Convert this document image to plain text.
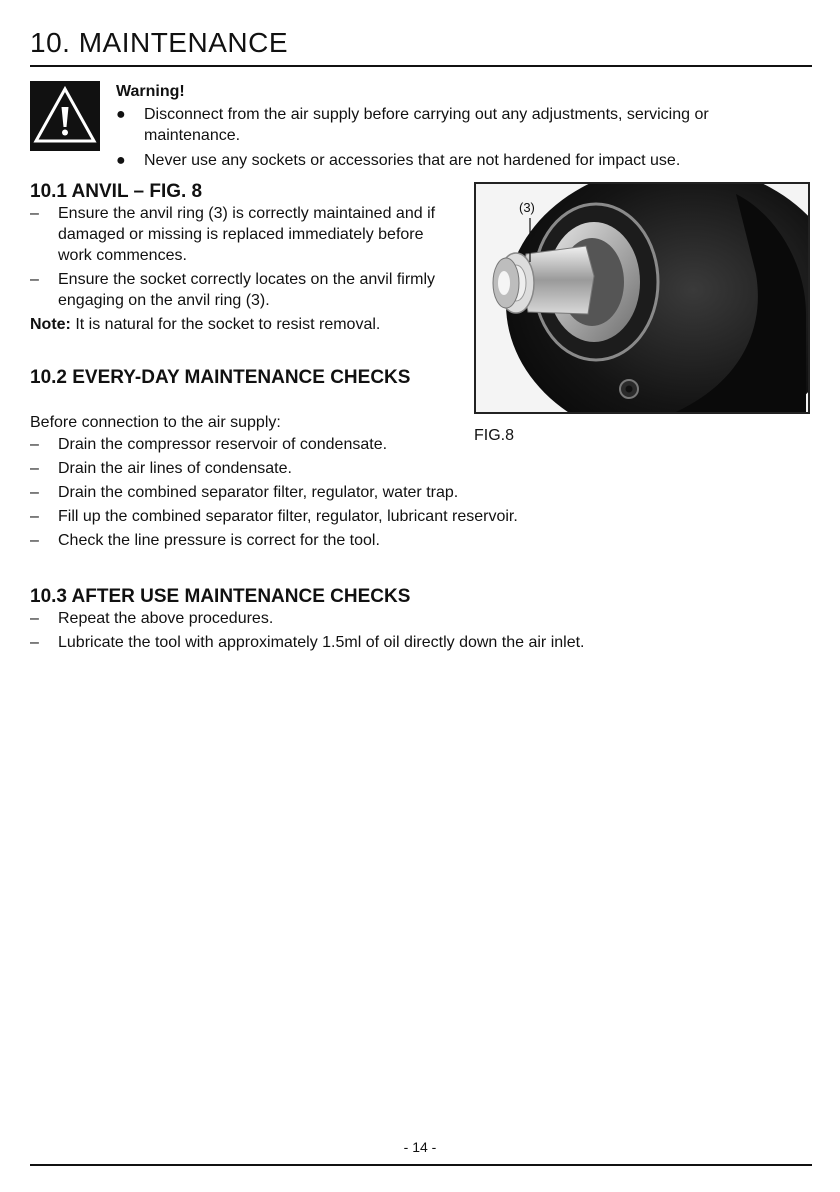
10. MAINTENANCE
Warning!
● Disconnect from the air supply before carrying out any adjustments, servicing or maintenance.
● Never use any sockets or accessories that are not hardened for impact use.
10.1 ANVIL – FIG. 8
– Ensure the anvil ring (3) is correctly maintained and if damaged or missing is replaced immediately before work commences.
– Ensure the socket correctly locates on the anvil firmly engaging on the anvil ring (3).

Note: It is natural for the socket to resist removal.

(3)
FIG.8
10.2 EVERY-DAY MAINTENANCE CHECKS

Before connection to the air supply:

– Drain the compressor reservoir of condensate.
– Drain the air lines of condensate.
– Drain the combined separator filter, regulator, water trap.
– Fill up the combined separator filter, regulator, lubricant reservoir.
– Check the line pressure is correct for the tool.
10.3 AFTER USE MAINTENANCE CHECKS
– Repeat the above procedures.
– Lubricate the tool with approximately 1.5ml of oil directly down the air inlet.
- 14 -
